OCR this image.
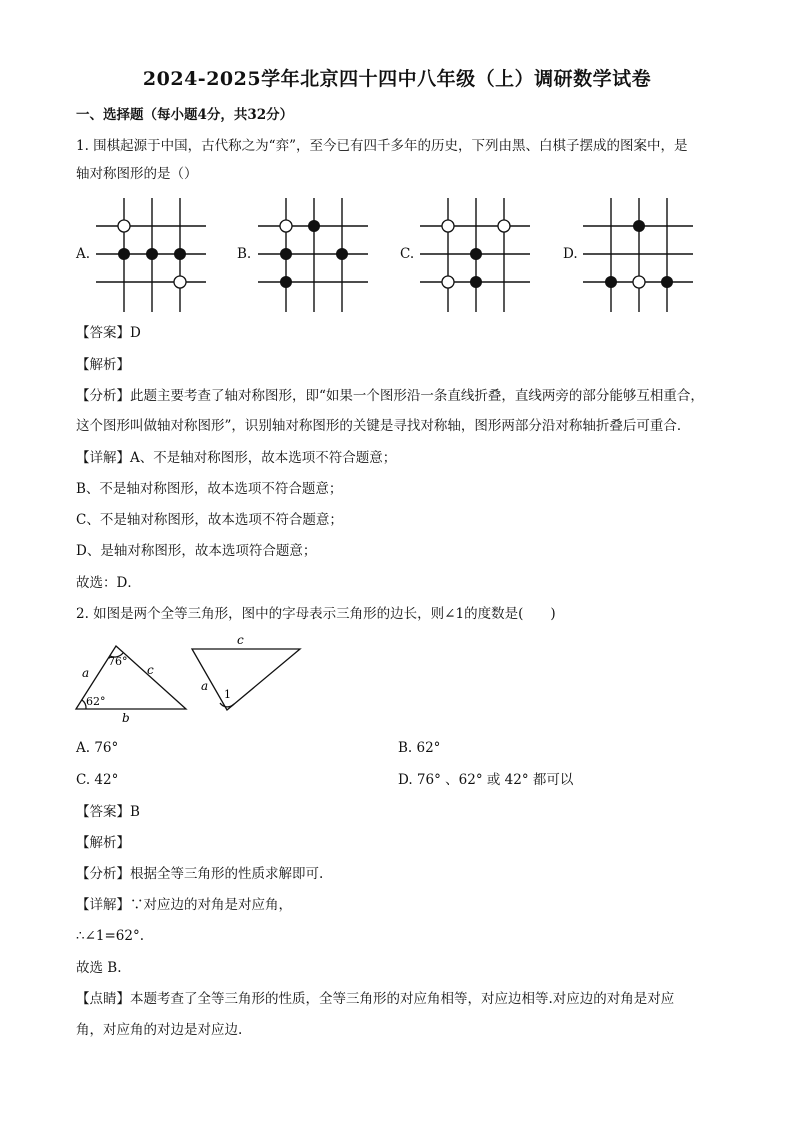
2024-2025学年北京四十四中八年级（上）调研数学试卷
一、选择题（每小题4分，共32分）
1. 围棋起源于中国，古代称之为“弈”，至今已有四千多年的历史，下列由黑、白棋子摆成的图案中，是
轴对称图形的是（）
A.	B.	C.	D.
【答案】D
【解析】
【分析】此题主要考查了轴对称图形，即“如果一个图形沿一条直线折叠，直线两旁的部分能够互相重合，
这个图形叫做轴对称图形”，识别轴对称图形的关键是寻找对称轴，图形两部分沿对称轴折叠后可重合．
【详解】A、不是轴对称图形，故本选项不符合题意；
B、不是轴对称图形，故本选项不符合题意；
C、不是轴对称图形，故本选项不符合题意；
D、是轴对称图形，故本选项符合题意；
故选：D．
2. 如图是两个全等三角形，图中的字母表示三角形的边长，则∠1的度数是(　　)
a	c
b
76°
62°
c
a
1
A. 76°	B. 62°
C. 42°	D. 76° 、62° 或 42° 都可以
【答案】B
【解析】
【分析】根据全等三角形的性质求解即可.
【详解】∵对应边的对角是对应角，
∴∠1=62°.
故选 B.
【点睛】本题考查了全等三角形的性质，全等三角形的对应角相等，对应边相等.对应边的对角是对应
角，对应角的对边是对应边.
